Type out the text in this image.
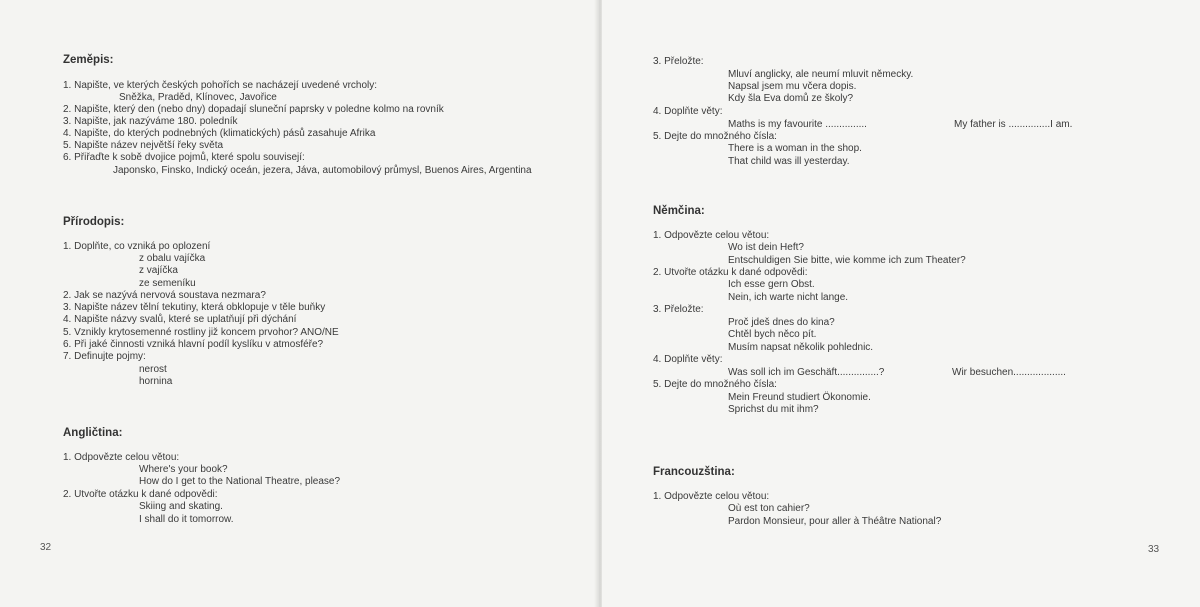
Zeměpis:
1. Napište, ve kterých českých pohořích se nacházejí uvedené vrcholy:
Sněžka, Praděd, Klínovec, Javořice
2. Napište, který den (nebo dny) dopadají sluneční paprsky v poledne kolmo na rovník
3. Napište, jak nazýváme 180. poledník
4. Napište, do kterých podnebných (klimatických) pásů zasahuje Afrika
5. Napište název největší řeky světa
6. Přiřaďte k sobě dvojice pojmů, které spolu souvisejí:
Japonsko, Finsko, Indický oceán, jezera, Jáva, automobilový průmysl, Buenos Aires, Argentina
Přírodopis:
1. Doplňte, co vzniká po oplození
z obalu vajíčka
z vajíčka
ze semeníku
2. Jak se nazývá nervová soustava nezmara?
3. Napište název tělní tekutiny, která obklopuje v těle buňky
4. Napište názvy svalů, které se uplatňují při dýchání
5. Vznikly krytosemenné rostliny již koncem prvohor? ANO/NE
6. Při jaké činnosti vzniká hlavní podíl kyslíku v atmosféře?
7. Definujte pojmy:
nerost
hornina
Angličtina:
1. Odpovězte celou větou:
Where's your book?
How do I get to the National Theatre, please?
2. Utvořte otázku k dané odpovědi:
Skiing and skating.
I shall do it tomorrow.
32
3. Přeložte:
Mluví anglicky, ale neumí mluvit německy.
Napsal jsem mu včera dopis.
Kdy šla Eva domů ze školy?
4. Doplňte věty:
Maths is my favourite ...............	My father is ...............I am.
5. Dejte do množného čísla:
There is a woman in the shop.
That child was ill yesterday.
Němčina:
1. Odpovězte celou větou:
Wo ist dein Heft?
Entschuldigen Sie bitte, wie komme ich zum Theater?
2. Utvořte otázku k dané odpovědi:
Ich esse gern Obst.
Nein, ich warte nicht lange.
3. Přeložte:
Proč jdeš dnes do kina?
Chtěl bych něco pít.
Musím napsat několik pohlednic.
4. Doplňte věty:
Was soll ich im Geschäft...............?	Wir besuchen...................
5. Dejte do množného čísla:
Mein Freund studiert Ökonomie.
Sprichst du mit ihm?
Francouzština:
1. Odpovězte celou větou:
Où est ton cahier?
Pardon Monsieur, pour aller à Théâtre National?
33
